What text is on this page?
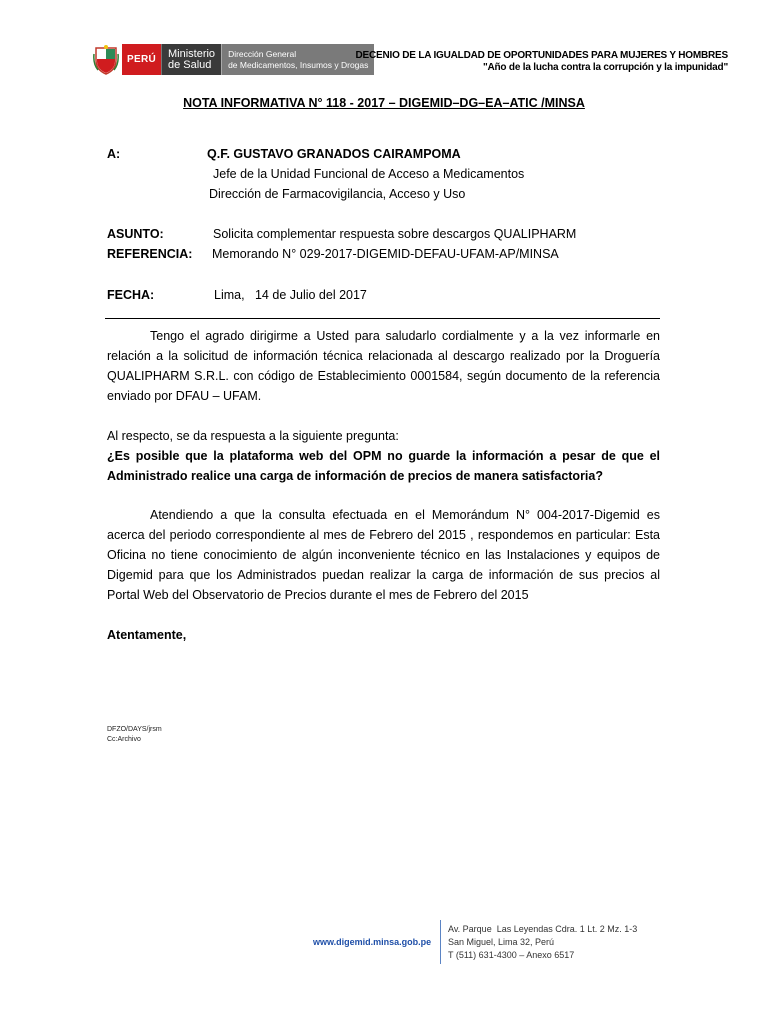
PERÚ	Ministerio
de Salud
Dirección General
de Medicamentos, Insumos y Drogas
DECENIO DE LA IGUALDAD DE OPORTUNIDADES PARA MUJERES Y HOMBRES
"Año de la lucha contra la corrupción y la impunidad"
NOTA INFORMATIVA N° 118 - 2017 – DIGEMID–DG–EA–ATIC /MINSA
A:	Q.F. GUSTAVO GRANADOS CAIRAMPOMA
Jefe de la Unidad Funcional de Acceso a Medicamentos
Dirección de Farmacovigilancia, Acceso y Uso
ASUNTO:	Solicita complementar respuesta sobre descargos QUALIPHARM
REFERENCIA: Memorando N° 029-2017-DIGEMID-DEFAU-UFAM-AP/MINSA
FECHA:	Lima,   14 de Julio del 2017
Tengo el agrado dirigirme a Usted para saludarlo cordialmente y a la vez informarle en relación a la solicitud de información técnica relacionada al descargo realizado por la Droguería QUALIPHARM S.R.L. con código de Establecimiento 0001584, según documento de la referencia enviado por DFAU – UFAM.
Al respecto, se da respuesta a la siguiente pregunta:
¿Es posible que la plataforma web del OPM no guarde la información a pesar de que el Administrado realice una carga de información de precios de manera satisfactoria?
Atendiendo a que la consulta efectuada en el Memorándum N° 004-2017-Digemid es acerca del periodo correspondiente al mes de Febrero del 2015 , respondemos en particular: Esta Oficina no tiene conocimiento de algún inconveniente técnico en las Instalaciones y equipos de Digemid para que los Administrados puedan realizar la carga de información de sus precios al Portal Web del Observatorio de Precios durante el mes de Febrero del 2015
Atentamente,
DFZO/DAYS/jrsm
Cc:Archivo
www.digemid.minsa.gob.pe
Av. Parque  Las Leyendas Cdra. 1 Lt. 2 Mz. 1-3
San Miguel, Lima 32, Perú
T (511) 631-4300 – Anexo 6517
